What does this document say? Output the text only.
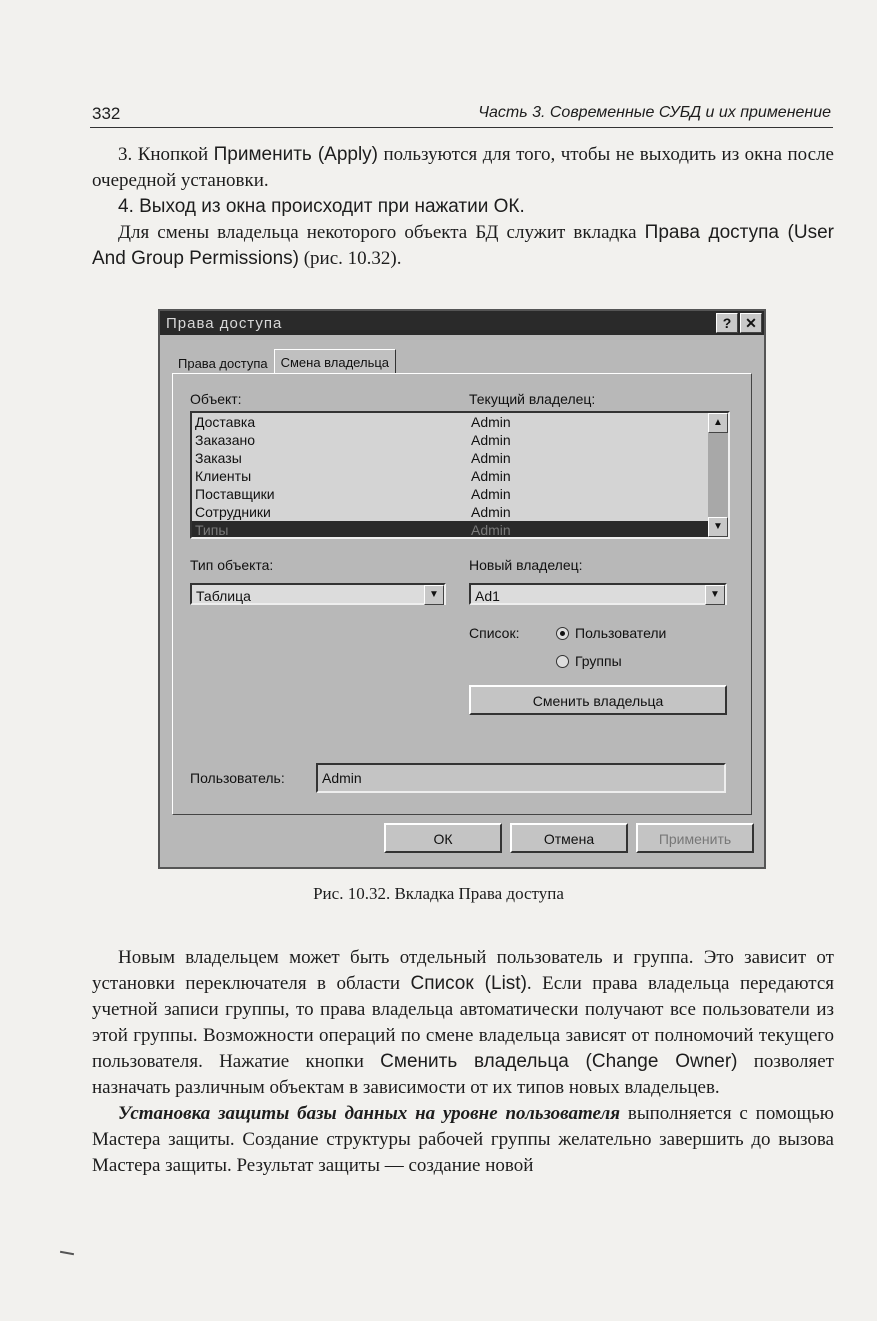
332	Часть 3. Современные СУБД и их применение

3. Кнопкой Применить (Apply) пользуются для того, чтобы не выходить из окна после очередной установки.

4. Выход из окна происходит при нажатии ОК.

Для смены владельца некоторого объекта БД служит вкладка Права доступа (User And Group Permissions) (рис. 10.32).

Права доступа	? ✕
Права доступа	Смена владельца
Объект:	Текущий владелец:
Доставка	Admin
Заказано	Admin
Заказы	Admin
Клиенты	Admin
Поставщики	Admin
Сотрудники	Admin
Типы	Admin
▲
▼
Тип объекта:
Таблица	▼
Новый владелец:
Ad1	▼
Список:	Пользователи
Группы
Сменить владельца
Пользователь:	Admin
ОК	Отмена	Применить
Рис. 10.32. Вкладка Права доступа

Новым владельцем может быть отдельный пользователь и группа. Это зависит от установки переключателя в области Список (List). Если права владельца передаются учетной записи группы, то права владельца автоматически получают все пользователи из этой группы. Возможности операций по смене владельца зависят от полномочий текущего пользователя. Нажатие кнопки Сменить владельца (Change Owner) позволяет назначать различным объектам в зависимости от их типов новых владельцев.

Установка защиты базы данных на уровне пользователя выполняется с помощью Мастера защиты. Создание структуры рабочей группы желательно завершить до вызова Мастера защиты. Результат защиты — создание новой
